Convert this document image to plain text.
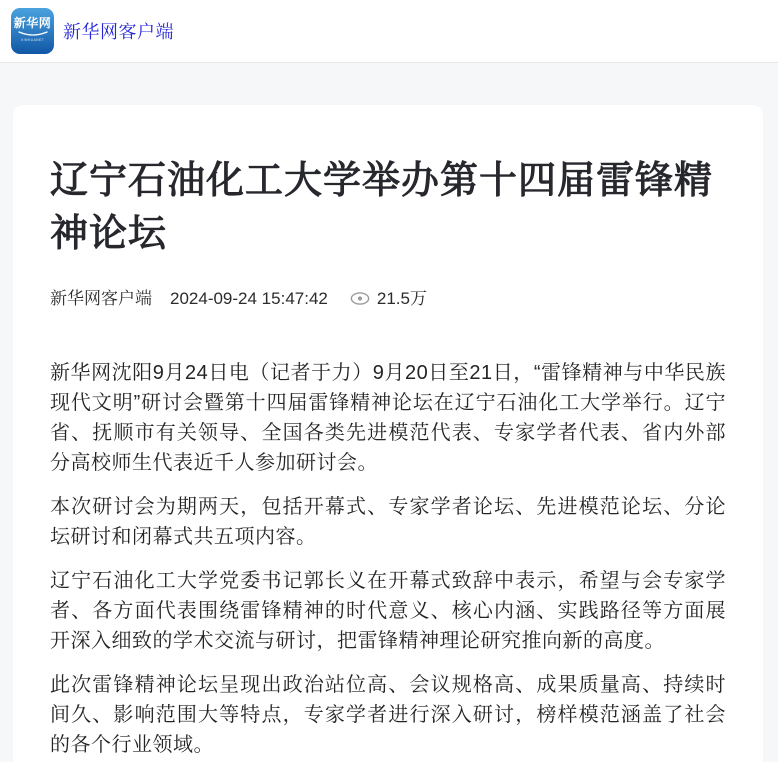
新华网
XINHUANET 新华网客户端
辽宁石油化工大学举办第十四届雷锋精神论坛
新华网客户端 2024-09-24 15:47:42	21.5万

新华网沈阳9月24日电（记者于力）9月20日至21日，“雷锋精神与中华民族现代文明”研讨会暨第十四届雷锋精神论坛在辽宁石油化工大学举行。辽宁省、抚顺市有关领导、全国各类先进模范代表、专家学者代表、省内外部分高校师生代表近千人参加研讨会。

本次研讨会为期两天，包括开幕式、专家学者论坛、先进模范论坛、分论坛研讨和闭幕式共五项内容。

辽宁石油化工大学党委书记郭长义在开幕式致辞中表示，希望与会专家学者、各方面代表围绕雷锋精神的时代意义、核心内涵、实践路径等方面展开深入细致的学术交流与研讨，把雷锋精神理论研究推向新的高度。

此次雷锋精神论坛呈现出政治站位高、会议规格高、成果质量高、持续时间久、影响范围大等特点，专家学者进行深入研讨，榜样模范涵盖了社会的各个行业领域。
